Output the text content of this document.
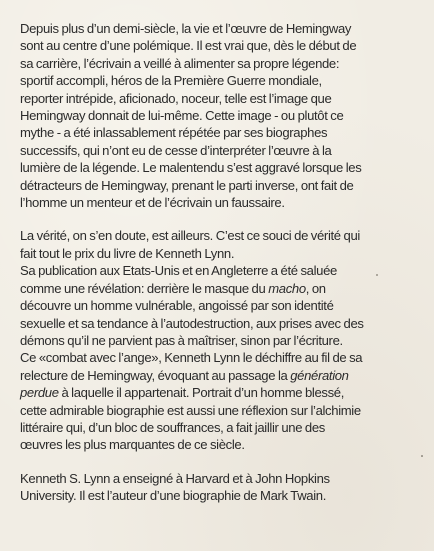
Depuis plus d’un demi-siècle, la vie et l’œuvre de Hemingway
sont au centre d’une polémique. Il est vrai que, dès le début de
sa carrière, l’écrivain a veillé à alimenter sa propre légende:
sportif accompli, héros de la Première Guerre mondiale,
reporter intrépide, aficionado, noceur, telle est l’image que
Hemingway donnait de lui-même. Cette image - ou plutôt ce
mythe - a été inlassablement répétée par ses biographes
successifs, qui n’ont eu de cesse d’interpréter l’œuvre à la
lumière de la légende. Le malentendu s’est aggravé lorsque les
détracteurs de Hemingway, prenant le parti inverse, ont fait de
l’homme un menteur et de l’écrivain un faussaire.

La vérité, on s’en doute, est ailleurs. C’est ce souci de vérité qui
fait tout le prix du livre de Kenneth Lynn.
Sa publication aux Etats-Unis et en Angleterre a été saluée
comme une révélation: derrière le masque du macho, on
découvre un homme vulnérable, angoissé par son identité
sexuelle et sa tendance à l’autodestruction, aux prises avec des
démons qu’il ne parvient pas à maîtriser, sinon par l’écriture.
Ce «combat avec l’ange», Kenneth Lynn le déchiffre au fil de sa
relecture de Hemingway, évoquant au passage la génération
perdue à laquelle il appartenait. Portrait d’un homme blessé,
cette admirable biographie est aussi une réflexion sur l’alchimie
littéraire qui, d’un bloc de souffrances, a fait jaillir une des
œuvres les plus marquantes de ce siècle.

Kenneth S. Lynn a enseigné à Harvard et à John Hopkins
University. Il est l’auteur d’une biographie de Mark Twain.
